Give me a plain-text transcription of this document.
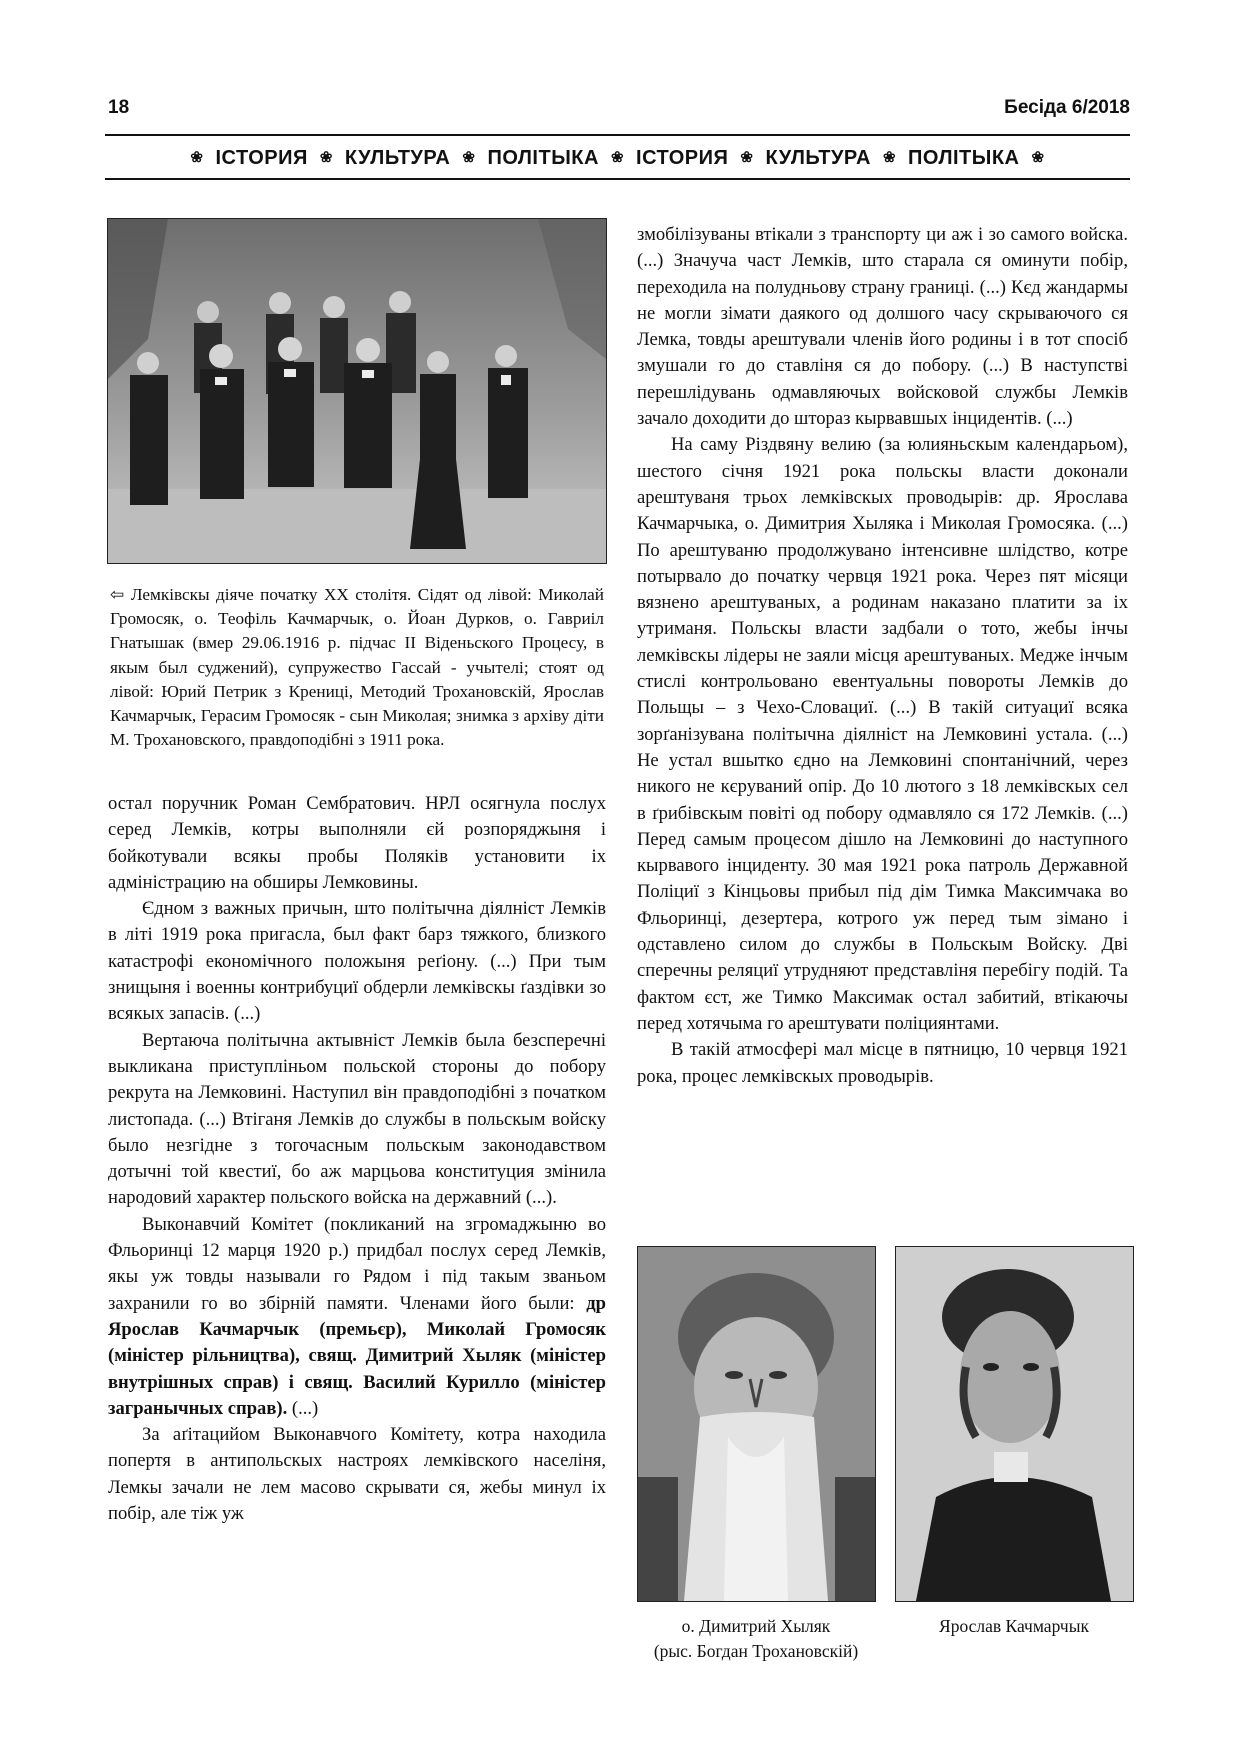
18	Бесіда 6/2018
❀ ІСТОРИЯ ❀ КУЛЬТУРА ❀ ПОЛІТЫКА ❀ ІСТОРИЯ ❀ КУЛЬТУРА ❀ ПОЛІТЫКА ❀
⇦ Лемківскы діяче початку ХХ столітя. Сідят од лівой: Миколай Громосяк, о. Теофіль Качмарчык, о. Йоан Дурков, о. Гавриіл Гнатышак (вмер 29.06.1916 р. підчас ІІ Віденьского Процесу, в якым был суджений), супружество Гассай - учытелі; стоят од лівой: Юрий Петрик з Крениці, Методий Трохановскій, Ярослав Качмарчык, Герасим Громосяк - сын Миколая; знимка з архіву діти М. Трохановского, правдоподібні з 1911 рока.

остал поручник Роман Сембратович. НРЛ осягнула послух серед Лемків, котры выполняли єй розпоряджыня і бойкотували всякы пробы Поляків установити іх адміністрацию на обширы Лемковины.

Єдном з важных причын, што політычна діялніст Лемків в літі 1919 рока пригасла, был факт барз тяжкого, близкого катастрофі економічного положыня реґіону. (...) При тым знищыня і военны контрибуциї обдерли лемківскы ґаздівки зо всякых запасів. (...)

Вертаюча політычна актывніст Лемків была безсперечні выкликана приступліньом польской стороны до побору рекрута на Лемковині. Наступил він правдоподібні з початком листопада. (...) Втіганя Лемків до службы в польскым войску было незгідне з тогочасным польскым законодавством дотычні той квестиї, бо аж марцьова конституция змінила народовий характер польского войска на державний (...).

Выконавчий Комітет (покликаний на згромаджыню во Фльоринці 12 марця 1920 р.) придбал послух серед Лемків, якы уж товды называли го Рядом і під такым званьом захранили го во збірній памяти. Членами його были: др Ярослав Качмарчык (премьєр), Миколай Громосяк (міністер рільництва), свящ. Димитрий Хыляк (міністер внутрішных справ) і свящ. Василий Курилло (міністер загранычных справ). (...)

За аґітацийом Выконавчого Комітету, котра находила попертя в антипольскых настроях лемківского населіня, Лемкы зачали не лем масово скрывати ся, жебы минул іх побір, але тіж уж

змобілізуваны втікали з транспорту ци аж і зо самого войска. (...) Значуча част Лемків, што старала ся оминути побір, переходила на полудньову страну границі. (...) Кєд жандармы не могли зімати даякого од долшого часу скрываючого ся Лемка, товды арештували членів його родины і в тот спосіб змушали го до ставліня ся до побору. (...) В наступстві перешлідувань одмавляючых войсковой службы Лемків зачало доходити до штораз кырвавшых інцидентів. (...)

На саму Різдвяну велию (за юлияньскым календарьом), шестого січня 1921 рока польскы власти доконали арештуваня трьох лемківскых проводырів: др. Ярослава Качмарчыка, о. Димитрия Хыляка і Миколая Громосяка. (...) По арештуваню продолжувано інтенсивне шлідство, котре потырвало до початку червця 1921 рока. Через пят місяци вязнено арештуваных, а родинам наказано платити за іх утриманя. Польскы власти задбали о тото, жебы інчы лемківскы лідеры не заяли місця арештуваных. Медже інчым стислі контрольовано евентуальны повороты Лемків до Польщы – з Чехо-Словациї. (...) В такій ситуациї всяка зорґанізувана політычна діялніст на Лемковині устала. (...) Не устал вшытко єдно на Лемковині спонтанічний, через никого не кєруваний опір. До 10 лютого з 18 лемківскых сел в ґрибівскым повіті од побору одмавляло ся 172 Лемків. (...) Перед самым процесом дішло на Лемковині до наступного кырвавого інциденту. 30 мая 1921 рока патроль Державной Поліциї з Кінцьовы прибыл під дім Тимка Максимчака во Фльоринці, дезертера, котрого уж перед тым зімано і одставлено силом до службы в Польскым Войску. Дві сперечны реляциї утрудняют представліня перебігу подій. Та фактом єст, же Тимко Максимак остал забитий, втікаючы перед хотячыма го арештувати поліциянтами.

В такій атмосфері мал місце в пятницю, 10 червця 1921 рока, процес лемківскых проводырів.

о. Димитрий Хыляк
(рыс. Богдан Трохановскій)
Ярослав Качмарчык
